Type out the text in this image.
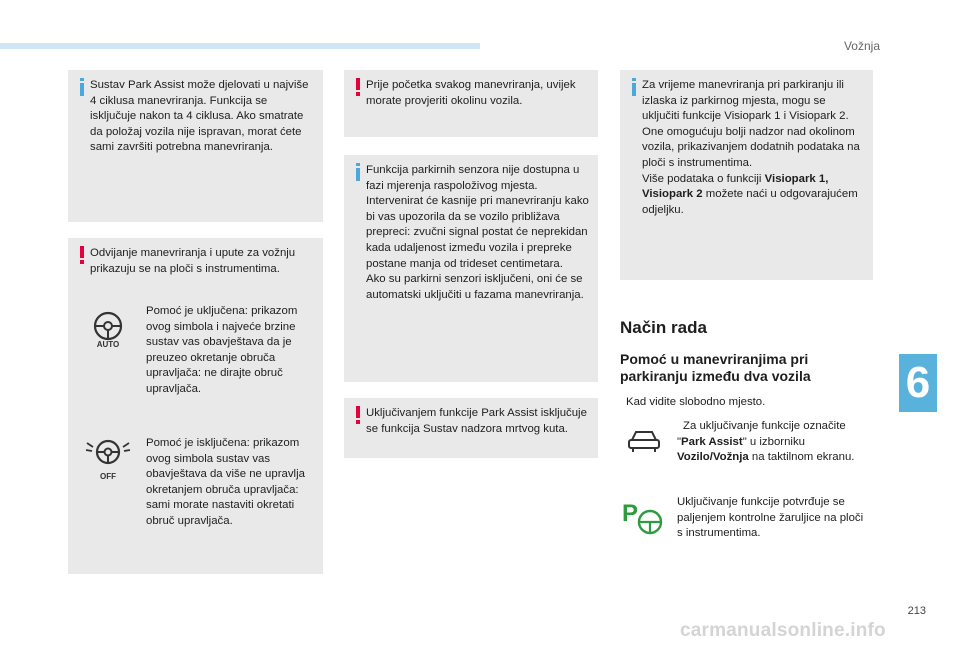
Vožnja

Sustav Park Assist može djelovati u najviše 4 ciklusa manevriranja. Funkcija se isključuje nakon ta 4 ciklusa. Ako smatrate da položaj vozila nije ispravan, morat ćete sami završiti potrebna manevriranja.

Odvijanje manevriranja i upute za vožnju prikazuju se na ploči s instrumentima.

AUTO

Pomoć je uključena: prikazom ovog simbola i najveće brzine sustav vas obavještava da je preuzeo okretanje obruča upravljača: ne dirajte obruč upravljača.

OFF

Pomoć je isključena: prikazom ovog simbola sustav vas obavještava da više ne upravlja okretanjem obruča upravljača: sami morate nastaviti okretati obruč upravljača.

Prije početka svakog manevriranja, uvijek morate provjeriti okolinu vozila.

Funkcija parkirnih senzora nije dostupna u fazi mjerenja raspoloživog mjesta. Intervenirat će kasnije pri manevriranju kako bi vas upozorila da se vozilo približava prepreci: zvučni signal postat će neprekidan kada udaljenost između vozila i prepreke postane manja od trideset centimetara.

Ako su parkirni senzori isključeni, oni će se automatski uključiti u fazama manevriranja.

Uključivanjem funkcije Park Assist isključuje se funkcija Sustav nadzora mrtvog kuta.

Za vrijeme manevriranja pri parkiranju ili izlaska iz parkirnog mjesta, mogu se uključiti funkcije Visiopark 1 i Visiopark 2. One omogućuju bolji nadzor nad okolinom vozila, prikazivanjem dodatnih podataka na ploči s instrumentima.

Više podataka o funkciji Visiopark 1, Visiopark 2 možete naći u odgovarajućem odjeljku.

Način rada
Pomoć u manevriranjima pri parkiranju između dva vozila

Kad vidite slobodno mjesto.

Za uključivanje funkcije označite "Park Assist" u izborniku Vozilo/Vožnja na taktilnom ekranu.

P	Uključivanje funkcije potvrđuje se paljenjem kontrolne žaruljice na ploči s instrumentima.

6
213
carmanualsonline.info
